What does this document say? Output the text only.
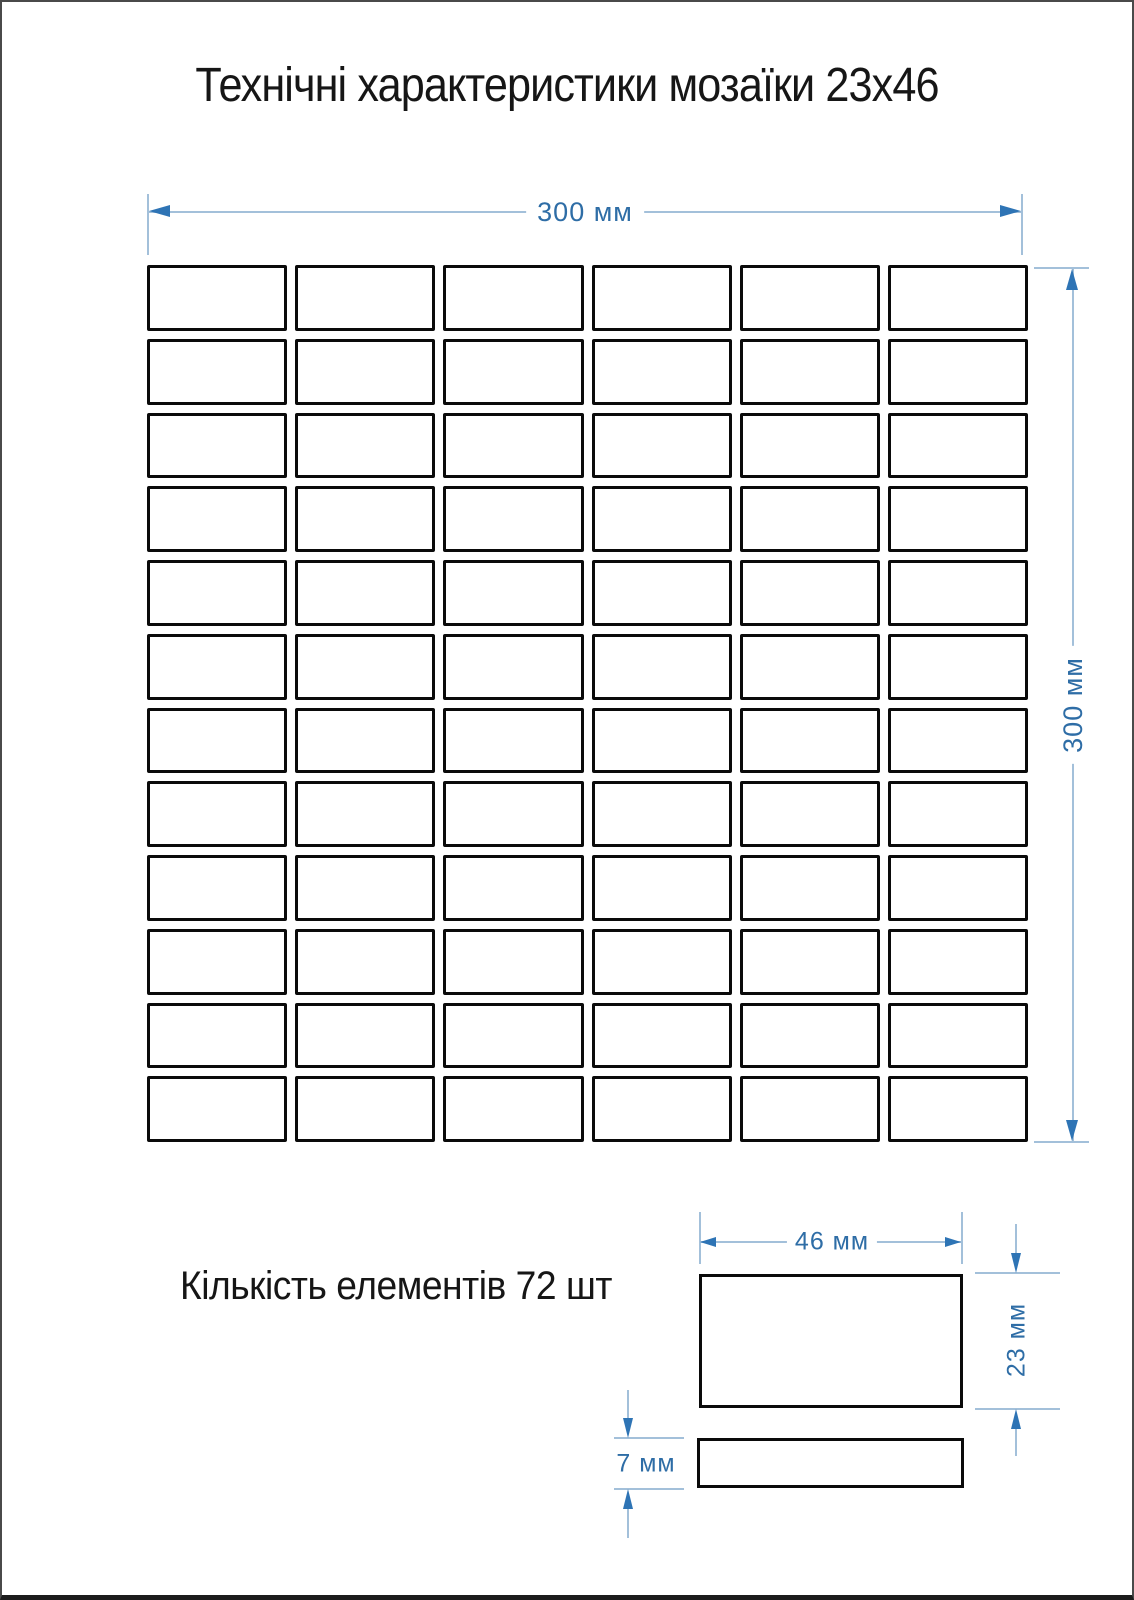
Технічні характеристики мозаїки 23х46
300 мм
300 мм
Кількість елементів 72 шт
46 мм
23 мм
7 мм
